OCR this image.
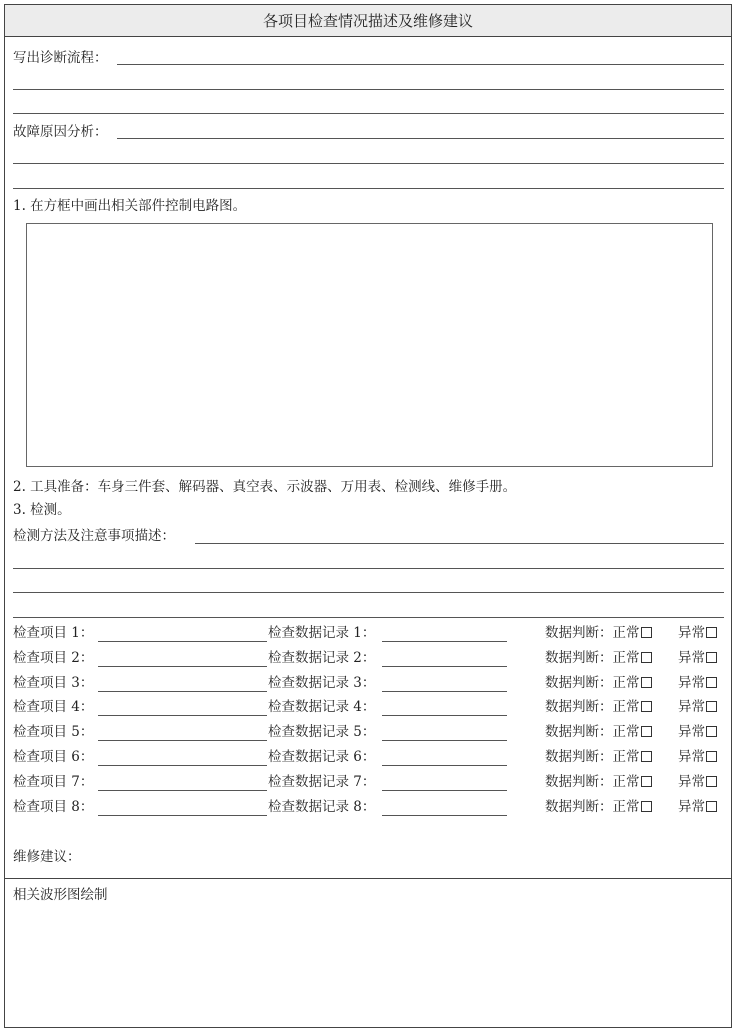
各项目检查情况描述及维修建议
写出诊断流程：
故障原因分析：
1. 在方框中画出相关部件控制电路图。
2. 工具准备：车身三件套、解码器、真空表、示波器、万用表、检测线、维修手册。
3. 检测。
检测方法及注意事项描述：
检查项目 1：	检查数据记录 1：	数据判断：正常	异常
检查项目 2：	检查数据记录 2：	数据判断：正常	异常
检查项目 3：	检查数据记录 3：	数据判断：正常	异常
检查项目 4：	检查数据记录 4：	数据判断：正常	异常
检查项目 5：	检查数据记录 5：	数据判断：正常	异常
检查项目 6：	检查数据记录 6：	数据判断：正常	异常
检查项目 7：	检查数据记录 7：	数据判断：正常	异常
检查项目 8：	检查数据记录 8：	数据判断：正常	异常
维修建议：
相关波形图绘制
